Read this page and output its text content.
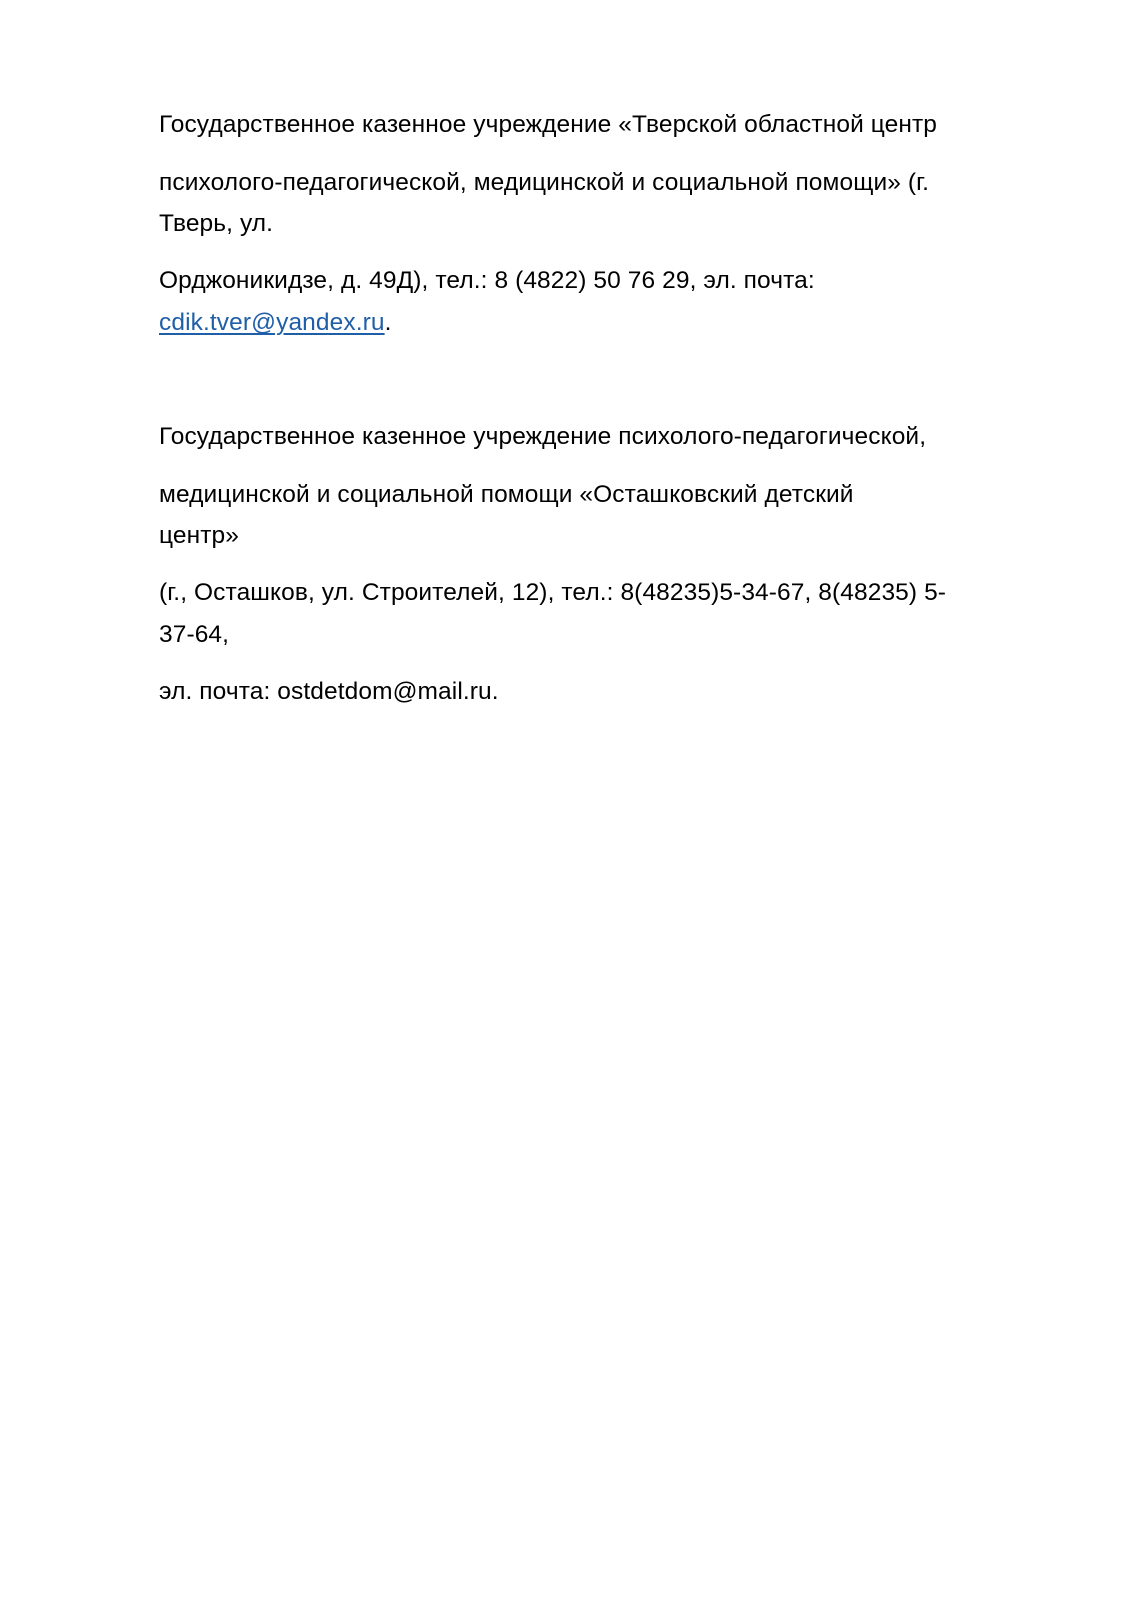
Государственное казенное учреждение «Тверской областной центр
психолого-педагогической, медицинской и социальной помощи» (г.
Тверь, ул.
Орджоникидзе, д. 49Д), тел.: 8 (4822) 50 76 29, эл. почта:
cdik.tver@yandex.ru.
Государственное казенное учреждение психолого-педагогической,
медицинской и социальной помощи «Осташковский детский
центр»
(г., Осташков, ул. Строителей, 12), тел.: 8(48235)5-34-67, 8(48235) 5-
37-64,
эл. почта: ostdetdom@mail.ru.
